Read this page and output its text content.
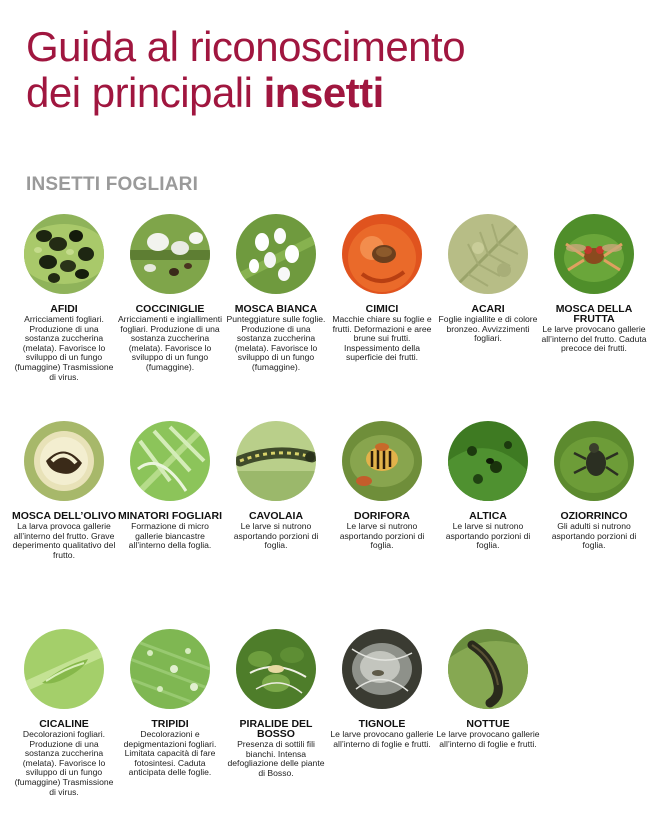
Guida al riconoscimento
dei principali insetti
INSETTI FOGLIARI
AFIDI
Arricciamenti fogliari. Produzione di una sostanza zuccherina (melata). Favorisce lo sviluppo di un fungo (fumaggine) Trasmissione di virus.
COCCINIGLIE
Arricciamenti e ingiallimenti fogliari. Produzione di una sostanza zuccherina (melata). Favorisce lo sviluppo di un fungo (fumaggine).
MOSCA BIANCA
Punteggiature sulle foglie. Produzione di una sostanza zuccherina (melata). Favorisce lo sviluppo di un fungo (fumaggine).
CIMICI
Macchie chiare su foglie e frutti. Deformazioni e aree brune sui frutti. Inspessimento della superficie dei frutti.
ACARI
Foglie ingiallite e di colore bronzeo. Avvizzimenti fogliari.
MOSCA DELLA FRUTTA
Le larve provocano gallerie all’interno del frutto. Caduta precoce dei frutti.
MOSCA DELL’OLIVO
La larva provoca gallerie all’interno del frutto. Grave deperimento qualitativo del frutto.
MINATORI FOGLIARI
Formazione di micro gallerie biancastre all’interno della foglia.
CAVOLAIA
Le larve si nutrono asportando porzioni di foglia.
DORIFORA
Le larve si nutrono asportando porzioni di foglia.
ALTICA
Le larve si nutrono asportando porzioni di foglia.
OZIORRINCO
Gli adulti si nutrono asportando porzioni di foglia.
CICALINE
Decolorazioni fogliari. Produzione di una sostanza zuccherina (melata). Favorisce lo sviluppo di un fungo (fumaggine) Trasmissione di virus.
TRIPIDI
Decolorazioni e depigmentazioni fogliari. Limitata capacità di fare fotosintesi. Caduta anticipata delle foglie.
PIRALIDE DEL BOSSO
Presenza di sottili fili bianchi. Intensa defogliazione delle piante di Bosso.
TIGNOLE
Le larve provocano gallerie all’interno di foglie e frutti.
NOTTUE
Le larve provocano gallerie all’interno di foglie e frutti.
